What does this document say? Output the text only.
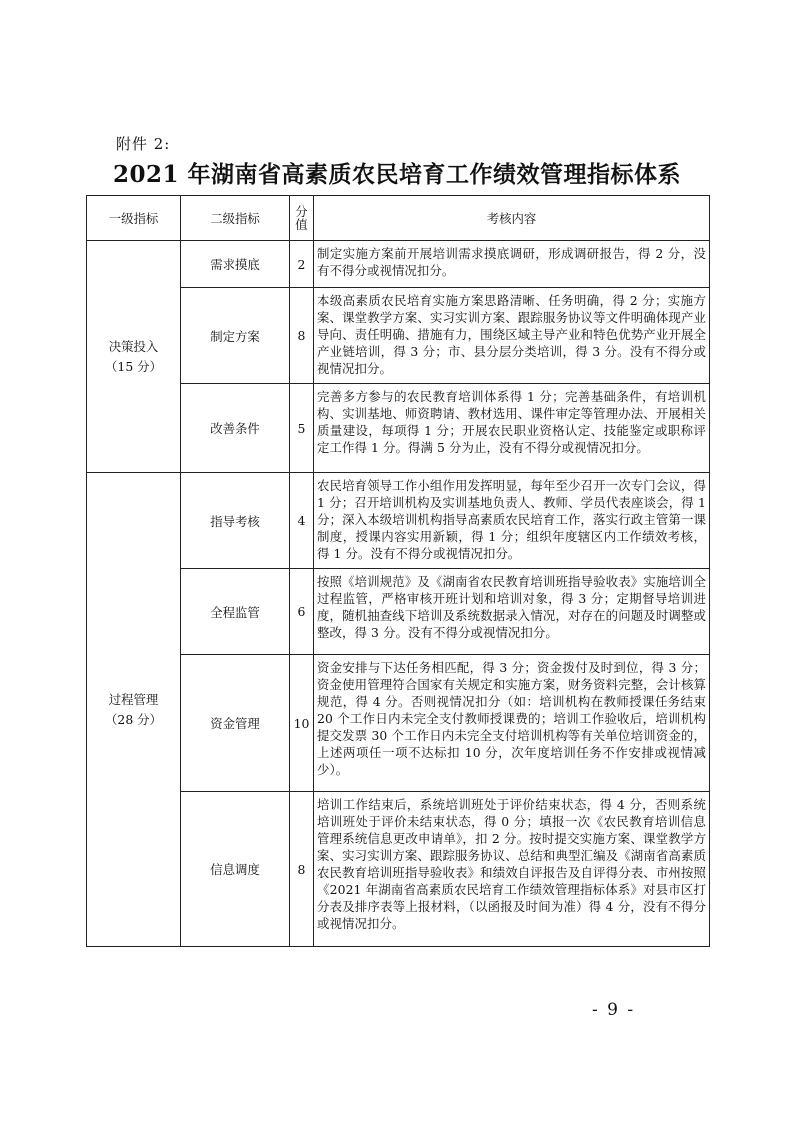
附件 2:
2021 年湖南省高素质农民培育工作绩效管理指标体系
一级指标	二级指标	分值	考核内容

决策投入
（15 分）	需求摸底	2	制定实施方案前开展培训需求摸底调研，形成调研报告，得 2 分，没有不得分或视情况扣分。
	制定方案	8	本级高素质农民培育实施方案思路清晰、任务明确，得 2 分；实施方案、课堂教学方案、实习实训方案、跟踪服务协议等文件明确体现产业导向、责任明确、措施有力，围绕区域主导产业和特色优势产业开展全产业链培训，得 3 分；市、县分层分类培训，得 3 分。没有不得分或视情况扣分。
	改善条件	5	完善多方参与的农民教育培训体系得 1 分；完善基础条件，有培训机构、实训基地、师资聘请、教材选用、课件审定等管理办法、开展相关质量建设，每项得 1 分；开展农民职业资格认定、技能鉴定或职称评定工作得 1 分。得满 5 分为止，没有不得分或视情况扣分。

过程管理
（28 分）	指导考核	4	农民培育领导工作小组作用发挥明显，每年至少召开一次专门会议，得 1 分；召开培训机构及实训基地负责人、教师、学员代表座谈会，得 1 分；深入本级培训机构指导高素质农民培育工作，落实行政主管第一课制度，授课内容实用新颖，得 1 分；组织年度辖区内工作绩效考核，得 1 分。没有不得分或视情况扣分。
	全程监管	6	按照《培训规范》及《湖南省农民教育培训班指导验收表》实施培训全过程监管，严格审核开班计划和培训对象，得 3 分；定期督导培训进度，随机抽查线下培训及系统数据录入情况，对存在的问题及时调整或整改，得 3 分。没有不得分或视情况扣分。
	资金管理	10	资金安排与下达任务相匹配，得 3 分；资金拨付及时到位，得 3 分；资金使用管理符合国家有关规定和实施方案，财务资料完整，会计核算规范，得 4 分。否则视情况扣分（如：培训机构在教师授课任务结束 20 个工作日内未完全支付教师授课费的；培训工作验收后，培训机构提交发票 30 个工作日内未完全支付培训机构等有关单位培训资金的，上述两项任一项不达标扣 10 分，次年度培训任务不作安排或视情减少）。
	信息调度	8	培训工作结束后，系统培训班处于评价结束状态，得 4 分，否则系统培训班处于评价未结束状态，得 0 分；填报一次《农民教育培训信息管理系统信息更改申请单》，扣 2 分。按时提交实施方案、课堂教学方案、实习实训方案、跟踪服务协议、总结和典型汇编及《湖南省高素质农民教育培训班指导验收表》和绩效自评报告及自评得分表、市州按照《2021 年湖南省高素质农民培育工作绩效管理指标体系》对县市区打分表及排序表等上报材料，（以函报及时间为准）得 4 分，没有不得分或视情况扣分。
- 9 -
